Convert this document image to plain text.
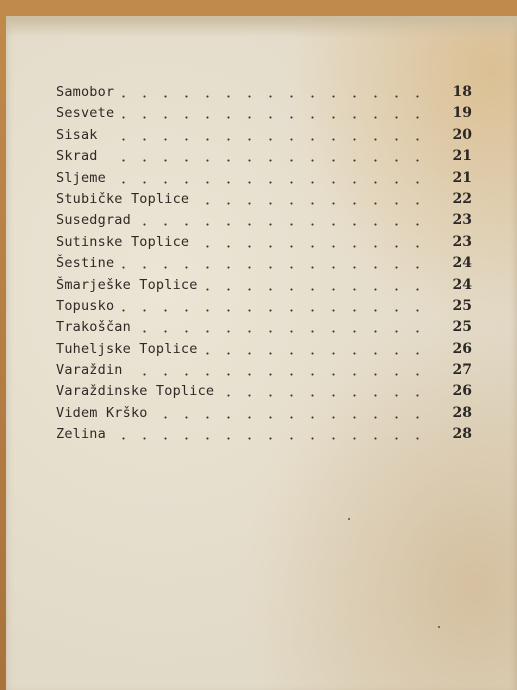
Samobor	18
Sesvete	19
Sisak	20
Skrad	21
Sljeme	21
Stubičke Toplice	22
Susedgrad	23
Sutinske Toplice	23
Šestine	24
Šmarješke Toplice	24
Topusko	25
Trakoščan	25
Tuheljske Toplice	26
Varaždin	27
Varaždinske Toplice	26
Videm Krško	28
Zelina	28
